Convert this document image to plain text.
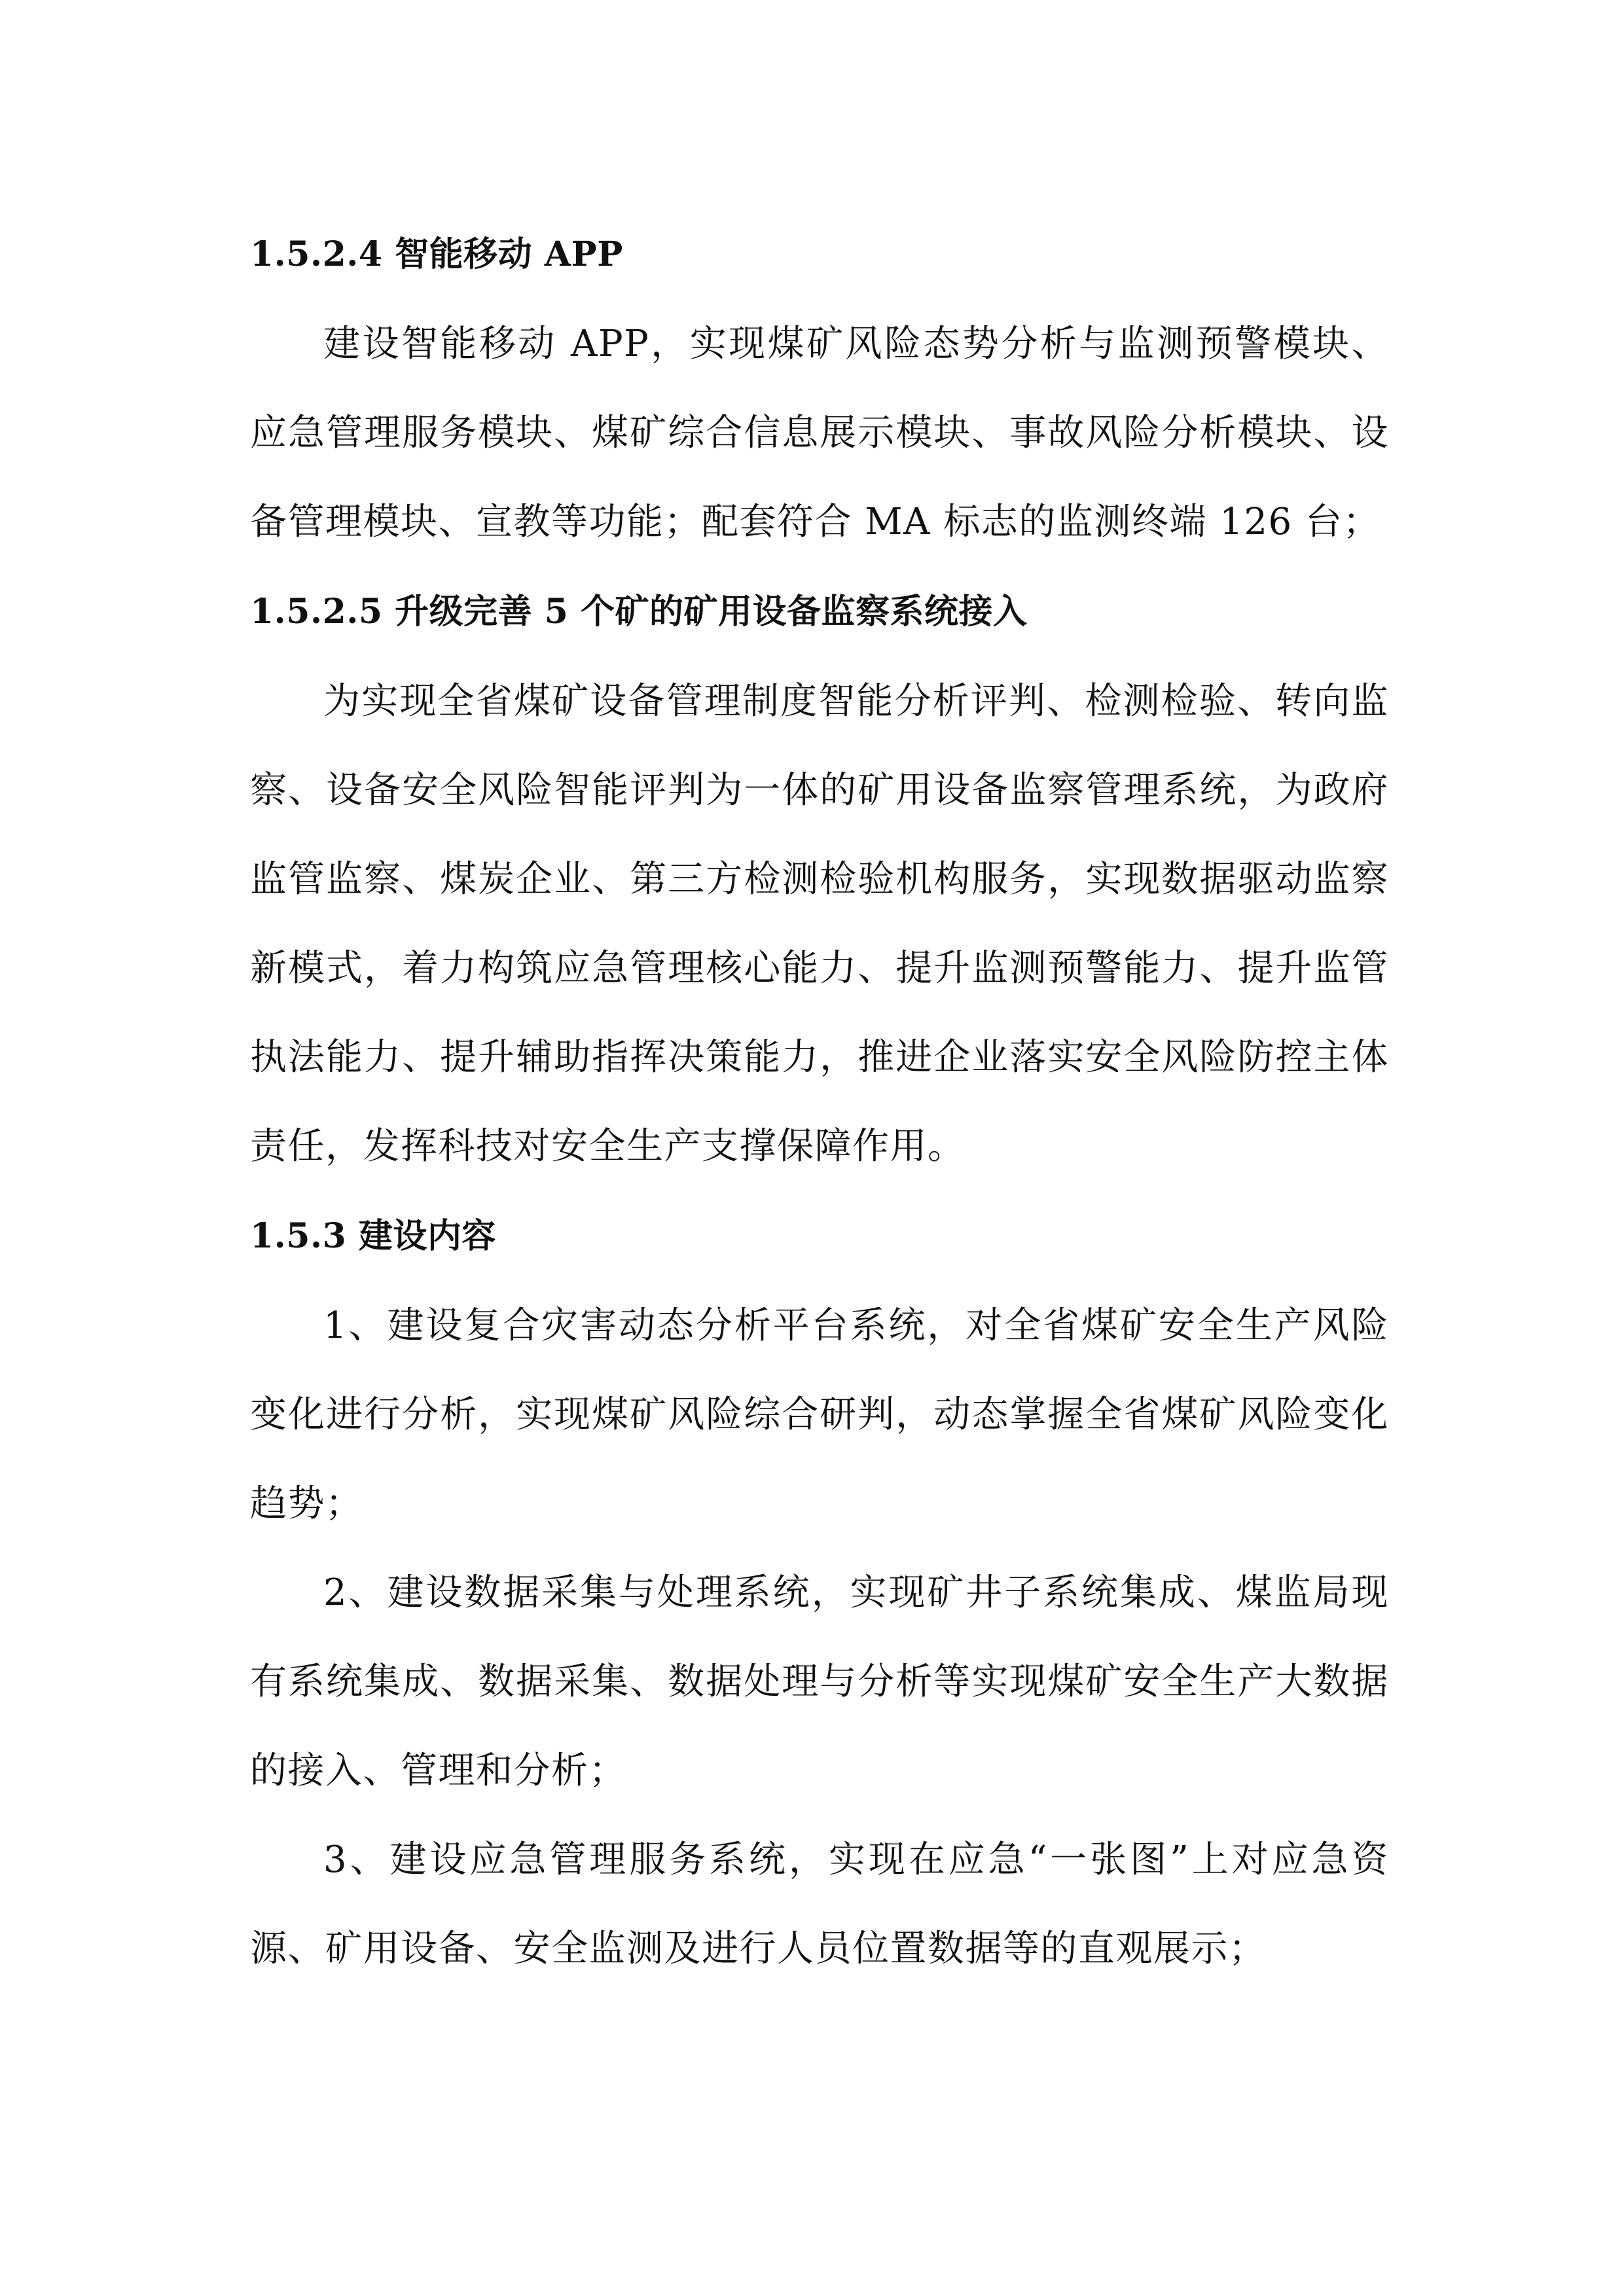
1.5.2.4 智能移动 APP

建设智能移动 APP，实现煤矿风险态势分析与监测预警模块、应急管理服务模块、煤矿综合信息展示模块、事故风险分析模块、设备管理模块、宣教等功能；配套符合 MA 标志的监测终端 126 台；

1.5.2.5 升级完善 5 个矿的矿用设备监察系统接入

为实现全省煤矿设备管理制度智能分析评判、检测检验、转向监察、设备安全风险智能评判为一体的矿用设备监察管理系统，为政府监管监察、煤炭企业、第三方检测检验机构服务，实现数据驱动监察新模式，着力构筑应急管理核心能力、提升监测预警能力、提升监管执法能力、提升辅助指挥决策能力，推进企业落实安全风险防控主体责任，发挥科技对安全生产支撑保障作用。

1.5.3 建设内容

1、建设复合灾害动态分析平台系统，对全省煤矿安全生产风险变化进行分析，实现煤矿风险综合研判，动态掌握全省煤矿风险变化趋势；

2、建设数据采集与处理系统，实现矿井子系统集成、煤监局现有系统集成、数据采集、数据处理与分析等实现煤矿安全生产大数据的接入、管理和分析；

3、建设应急管理服务系统，实现在应急“一张图”上对应急资源、矿用设备、安全监测及进行人员位置数据等的直观展示；
